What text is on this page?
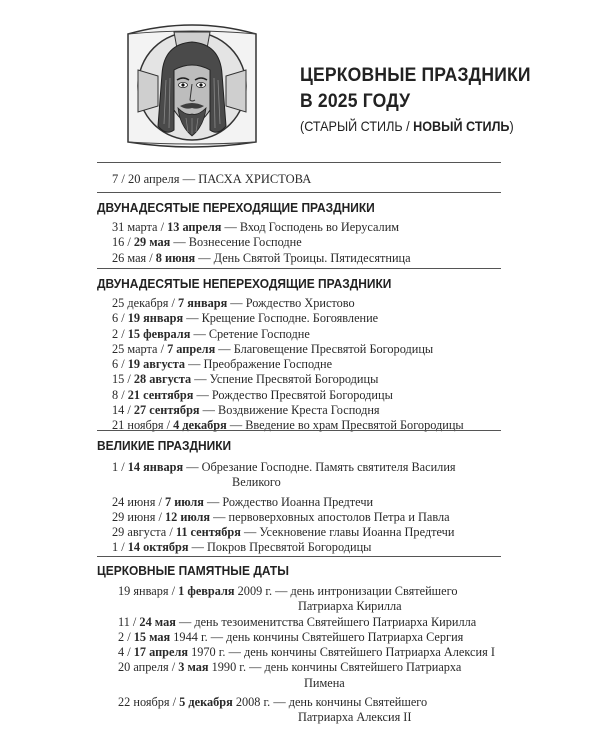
ЦЕРКОВНЫЕ ПРАЗДНИКИ
В 2025 ГОДУ
(СТАРЫЙ СТИЛЬ / НОВЫЙ СТИЛЬ)
7 / 20 апреля — ПАСХА ХРИСТОВА
ДВУНАДЕСЯТЫЕ ПЕРЕХОДЯЩИЕ ПРАЗДНИКИ
31 марта / 13 апреля — Вход Господень во Иерусалим
16 / 29 мая — Вознесение Господне
26 мая / 8 июня — День Святой Троицы. Пятидесятница
ДВУНАДЕСЯТЫЕ НЕПЕРЕХОДЯЩИЕ ПРАЗДНИКИ
25 декабря / 7 января — Рождество Христово
6 / 19 января — Крещение Господне. Богоявление
2 / 15 февраля — Сретение Господне
25 марта / 7 апреля — Благовещение Пресвятой Богородицы
6 / 19 августа — Преображение Господне
15 / 28 августа — Успение Пресвятой Богородицы
8 / 21 сентября — Рождество Пресвятой Богородицы
14 / 27 сентября — Воздвижение Креста Господня
21 ноября / 4 декабря — Введение во храм Пресвятой Богородицы
ВЕЛИКИЕ ПРАЗДНИКИ
1 / 14 января — Обрезание Господне. Память святителя Василия
Великого
24 июня / 7 июля — Рождество Иоанна Предтечи
29 июня / 12 июля — первоверховных апостолов Петра и Павла
29 августа / 11 сентября — Усекновение главы Иоанна Предтечи
1 / 14 октября — Покров Пресвятой Богородицы
ЦЕРКОВНЫЕ ПАМЯТНЫЕ ДАТЫ
19 января / 1 февраля 2009 г. — день интронизации Святейшего
Патриарха Кирилла
11 / 24 мая — день тезоименитства Святейшего Патриарха Кирилла
2 / 15 мая 1944 г. — день кончины Святейшего Патриарха Сергия
4 / 17 апреля 1970 г. — день кончины Святейшего Патриарха Алексия I
20 апреля / 3 мая 1990 г. — день кончины Святейшего Патриарха
Пимена
22 ноября / 5 декабря 2008 г. — день кончины Святейшего
Патриарха Алексия II
